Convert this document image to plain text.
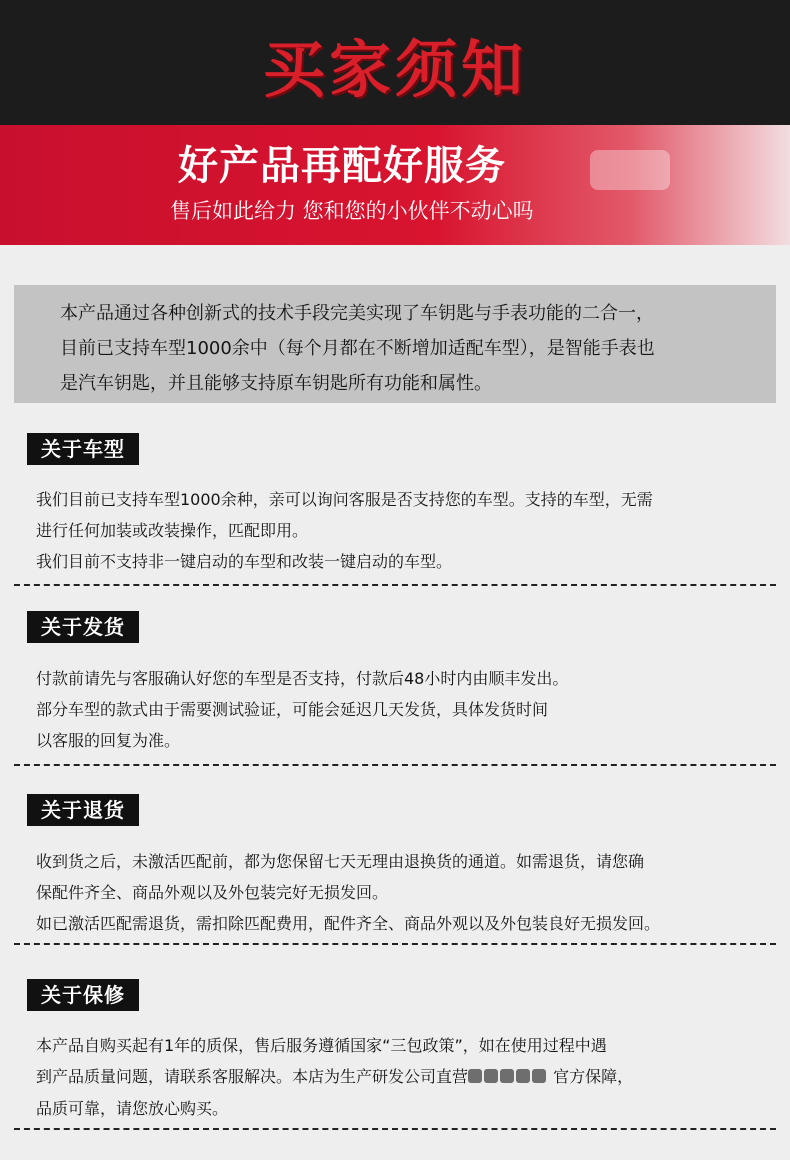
买家须知
好产品再配好服务
售后如此给力 您和您的小伙伴不动心吗
本产品通过各种创新式的技术手段完美实现了车钥匙与手表功能的二合一，
目前已支持车型1000余中（每个月都在不断增加适配车型），是智能手表也
是汽车钥匙，并且能够支持原车钥匙所有功能和属性。
关于车型
我们目前已支持车型1000余种，亲可以询问客服是否支持您的车型。支持的车型，无需
进行任何加装或改装操作，匹配即用。
我们目前不支持非一键启动的车型和改装一键启动的车型。
关于发货
付款前请先与客服确认好您的车型是否支持，付款后48小时内由顺丰发出。
部分车型的款式由于需要测试验证，可能会延迟几天发货，具体发货时间
以客服的回复为准。
关于退货
收到货之后，未激活匹配前，都为您保留七天无理由退换货的通道。如需退货，请您确
保配件齐全、商品外观以及外包装完好无损发回。
如已激活匹配需退货，需扣除匹配费用，配件齐全、商品外观以及外包装良好无损发回。
关于保修
本产品自购买起有1年的质保，售后服务遵循国家“三包政策”，如在使用过程中遇
到产品质量问题，请联系客服解决。本店为生产研发公司直营	官方保障，
品质可靠，请您放心购买。
